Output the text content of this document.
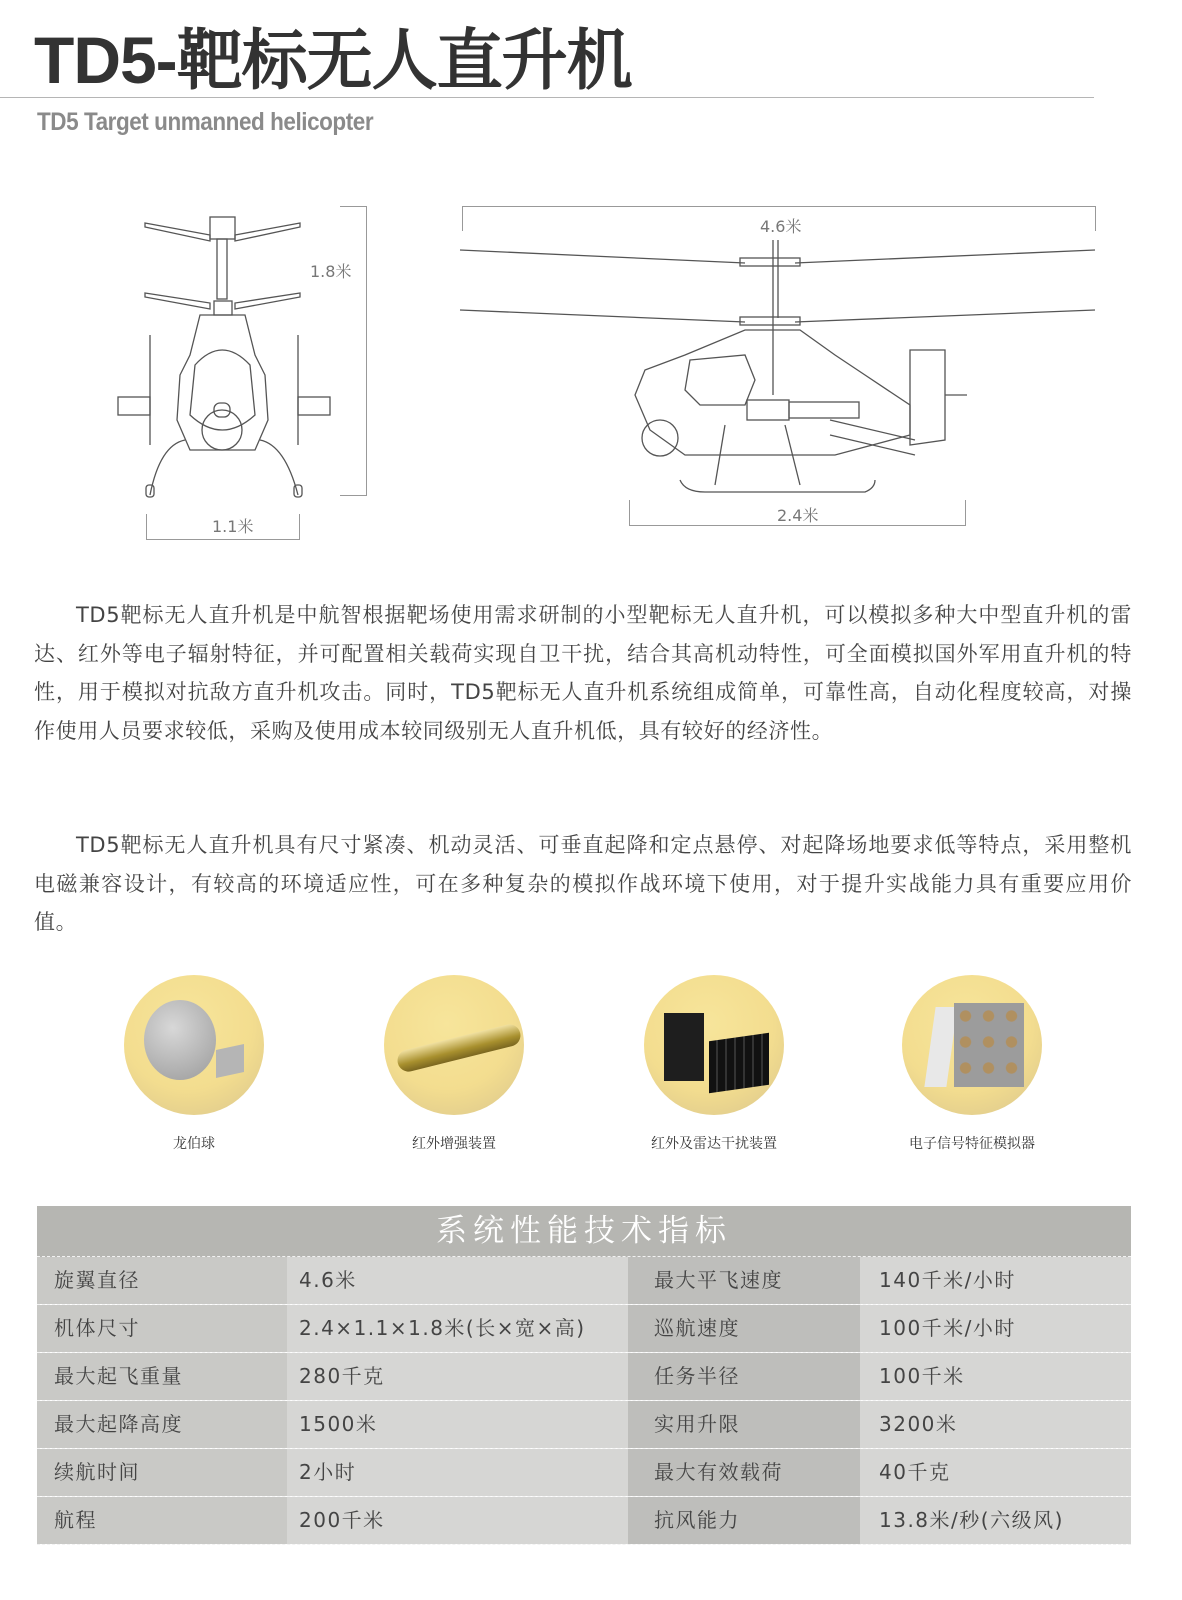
TD5-靶标无人直升机
TD5 Target unmanned helicopter
1.8米
1.1米
4.6米
2.4米

TD5靶标无人直升机是中航智根据靶场使用需求研制的小型靶标无人直升机，可以模拟多种大中型直升机的雷达、红外等电子辐射特征，并可配置相关载荷实现自卫干扰，结合其高机动特性，可全面模拟国外军用直升机的特性，用于模拟对抗敌方直升机攻击。同时，TD5靶标无人直升机系统组成简单，可靠性高，自动化程度较高，对操作使用人员要求较低，采购及使用成本较同级别无人直升机低，具有较好的经济性。

TD5靶标无人直升机具有尺寸紧凑、机动灵活、可垂直起降和定点悬停、对起降场地要求低等特点，采用整机电磁兼容设计，有较高的环境适应性，可在多种复杂的模拟作战环境下使用，对于提升实战能力具有重要应用价值。

龙伯球	红外增强装置	红外及雷达干扰装置	电子信号特征模拟器
系统性能技术指标
旋翼直径	4.6米	最大平飞速度	140千米/小时
机体尺寸	2.4×1.1×1.8米(长×宽×高)	巡航速度	100千米/小时
最大起飞重量	280千克	任务半径	100千米
最大起降高度	1500米	实用升限	3200米
续航时间	2小时	最大有效载荷	40千克
航程	200千米	抗风能力	13.8米/秒(六级风)
